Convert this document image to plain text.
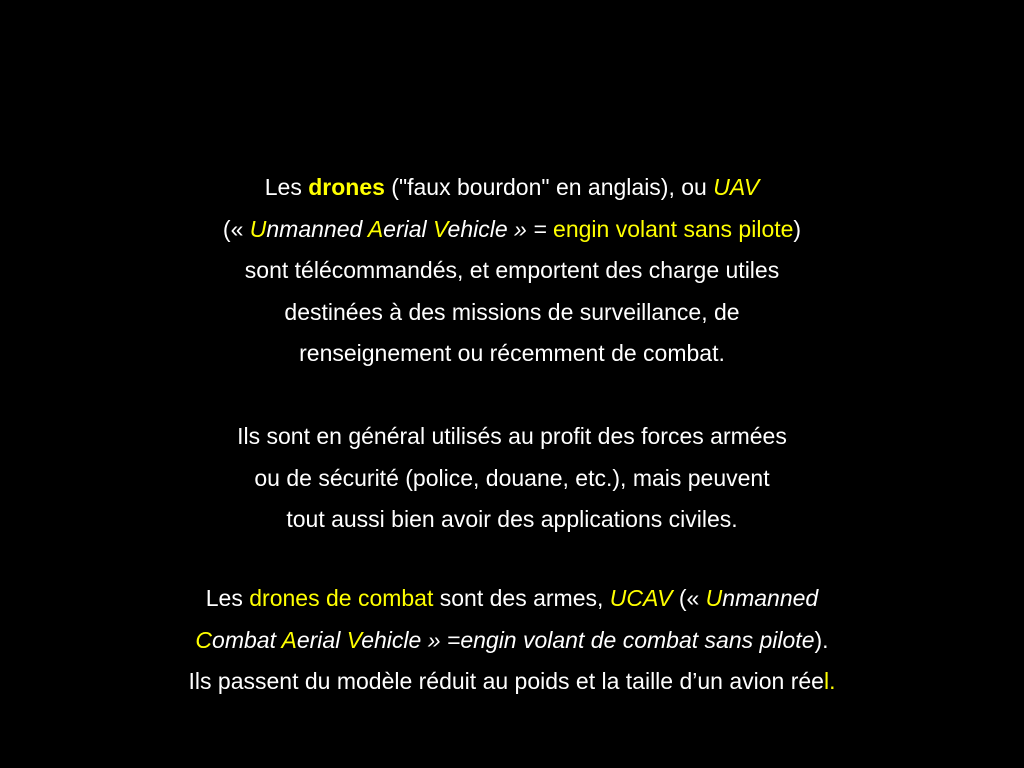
Les drones ("faux bourdon" en anglais), ou UAV
(« Unmanned Aerial Vehicle » = engin volant sans pilote)
sont télécommandés, et emportent des charge utiles
destinées à des missions de surveillance, de
renseignement ou récemment de combat.
Ils sont en général utilisés au profit des forces armées
ou de sécurité (police, douane, etc.), mais peuvent
tout aussi bien avoir des applications civiles.
Les drones de combat sont des armes, UCAV (« Unmanned
Combat Aerial Vehicle » =engin volant de combat sans pilote).
Ils passent du modèle réduit au poids et la taille d’un avion réel.
